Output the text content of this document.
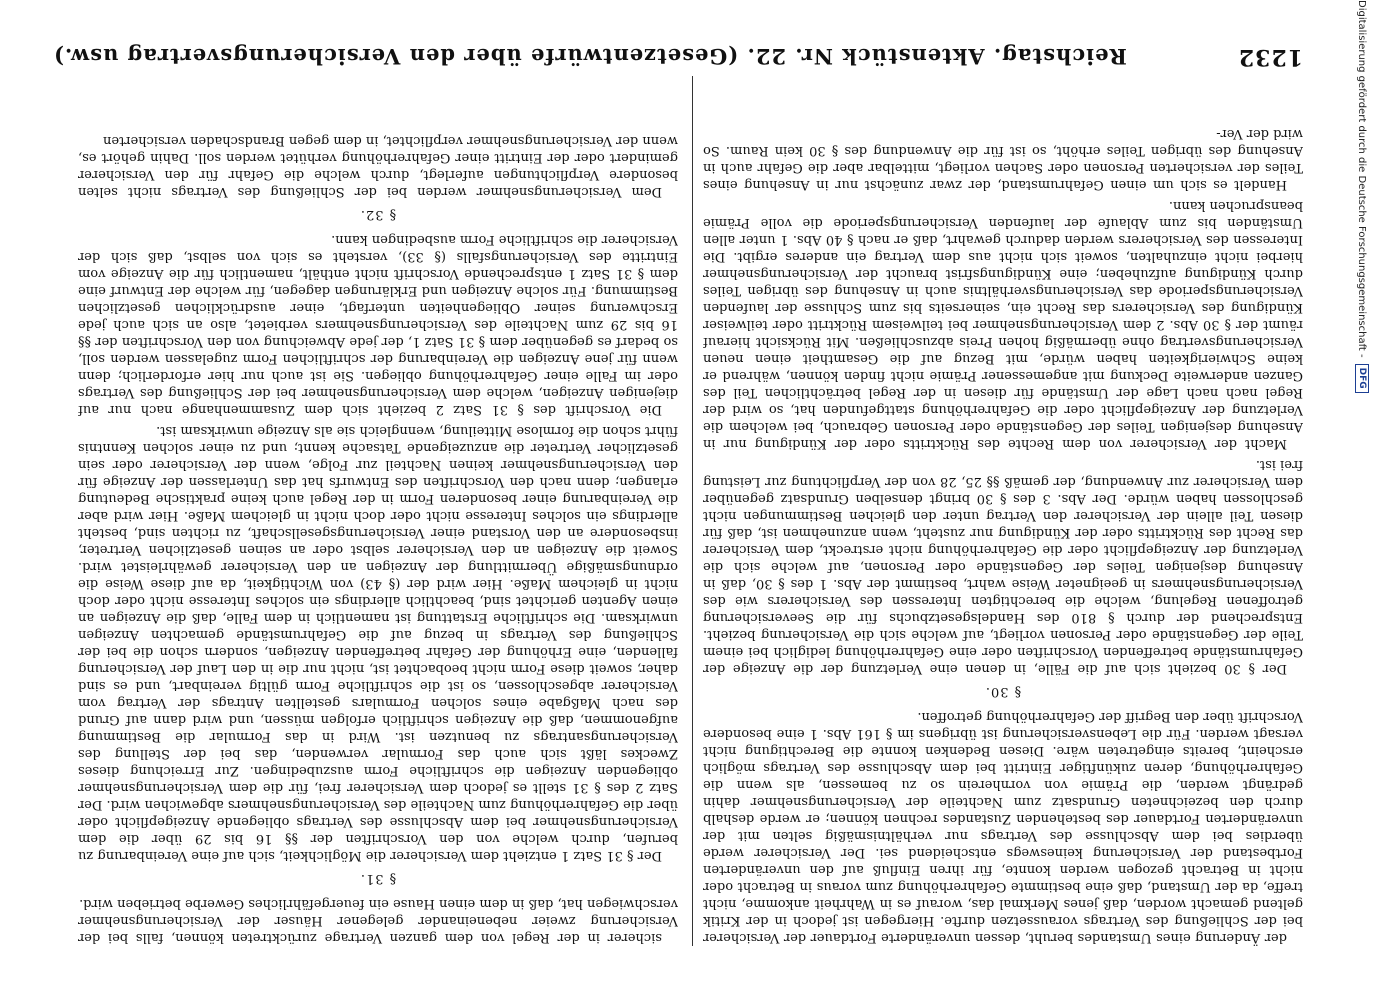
1232
Reichstag. Aktenstück Nr. 22. (Gesetzentwürfe über den Versicherungsvertrag usw.)

der Änderung eines Umstandes beruht, dessen unveränderte Fortdauer der Versicherer bei der Schließung des Vertrags voraussetzen durfte. Hiergegen ist jedoch in der Kritik geltend gemacht worden, daß jenes Merkmal das, worauf es in Wahrheit ankomme, nicht treffe, da der Umstand, daß eine bestimmte Gefahrerhöhung zum voraus in Betracht oder nicht in Betracht gezogen werden konnte, für ihren Einfluß auf den unveränderten Fortbestand der Versicherung keineswegs entscheidend sei. Der Versicherer werde überdies bei dem Abschlusse des Vertrags nur verhältnismäßig selten mit der unveränderten Fortdauer des bestehenden Zustandes rechnen können; er werde deshalb durch den bezeichneten Grundsatz zum Nachteile der Versicherungsnehmer dahin gedrängt werden, die Prämie von vornherein so zu bemessen, als wenn die Gefahrerhöhung, deren zukünftiger Eintritt bei dem Abschlusse des Vertrags möglich erscheint, bereits eingetreten wäre. Diesen Bedenken konnte die Berechtigung nicht versagt werden. Für die Lebensversicherung ist übrigens im § 161 Abs. 1 eine besondere Vorschrift über den Begriff der Gefahrerhöhung getroffen.

§ 30.

Der § 30 bezieht sich auf die Fälle, in denen eine Verletzung der die Anzeige der Gefahrumstände betreffenden Vorschriften oder eine Gefahrerhöhung lediglich bei einem Teile der Gegenstände oder Personen vorliegt, auf welche sich die Versicherung bezieht. Entsprechend der durch § 810 des Handelsgesetzbuchs für die Seeversicherung getroffenen Regelung, welche die berechtigten Interessen des Versicherers wie des Versicherungsnehmers in geeigneter Weise wahrt, bestimmt der Abs. 1 des § 30, daß in Ansehung desjenigen Teiles der Gegenstände oder Personen, auf welche sich die Verletzung der Anzeigepflicht oder die Gefahrerhöhung nicht erstreckt, dem Versicherer das Recht des Rücktritts oder der Kündigung nur zusteht, wenn anzunehmen ist, daß für diesen Teil allein der Versicherer den Vertrag unter den gleichen Bestimmungen nicht geschlossen haben würde. Der Abs. 3 des § 30 bringt denselben Grundsatz gegenüber dem Versicherer zur Anwendung, der gemäß §§ 25, 28 von der Verpflichtung zur Leistung frei ist.

Macht der Versicherer von dem Rechte des Rücktritts oder der Kündigung nur in Ansehung desjenigen Teiles der Gegenstände oder Personen Gebrauch, bei welchem die Verletzung der Anzeigepflicht oder die Gefahrerhöhung stattgefunden hat, so wird der Regel nach nach Lage der Umstände für diesen in der Regel beträchtlichen Teil des Ganzen anderweite Deckung mit angemessener Prämie nicht finden können, während er keine Schwierigkeiten haben würde, mit Bezug auf die Gesamtheit einen neuen Versicherungsvertrag ohne übermäßig hohen Preis abzuschließen. Mit Rücksicht hierauf räumt der § 30 Abs. 2 dem Versicherungsnehmer bei teilweisem Rücktritt oder teilweiser Kündigung des Versicherers das Recht ein, seinerseits bis zum Schlusse der laufenden Versicherungsperiode das Versicherungsverhältnis auch in Ansehung des übrigen Teiles durch Kündigung aufzuheben; eine Kündigungsfrist braucht der Versicherungsnehmer hierbei nicht einzuhalten, soweit sich nicht aus dem Vertrag ein anderes ergibt. Die Interessen des Versicherers werden dadurch gewahrt, daß er nach § 40 Abs. 1 unter allen Umständen bis zum Ablaufe der laufenden Versicherungsperiode die volle Prämie beanspruchen kann.

Handelt es sich um einen Gefahrumstand, der zwar zunächst nur in Ansehung eines Teiles der versicherten Personen oder Sachen vorliegt, mittelbar aber die Gefahr auch in Ansehung des übrigen Teiles erhöht, so ist für die Anwendung des § 30 kein Raum. So wird der Ver-

sicherer in der Regel von dem ganzen Vertrage zurücktreten können, falls bei der Versicherung zweier nebeneinander gelegener Häuser der Versicherungsnehmer verschwiegen hat, daß in dem einen Hause ein feuergefährliches Gewerbe betrieben wird.

§ 31.

Der § 31 Satz 1 entzieht dem Versicherer die Möglichkeit, sich auf eine Vereinbarung zu berufen, durch welche von den Vorschriften der §§ 16 bis 29 über die dem Versicherungsnehmer bei dem Abschlusse des Vertrags obliegende Anzeigepflicht oder über die Gefahrerhöhung zum Nachteile des Versicherungsnehmers abgewichen wird. Der Satz 2 des § 31 stellt es jedoch dem Versicherer frei, für die dem Versicherungsnehmer obliegenden Anzeigen die schriftliche Form auszubedingen. Zur Erreichung dieses Zweckes läßt sich auch das Formular verwenden, das bei der Stellung des Versicherungsantrags zu benutzen ist. Wird in das Formular die Bestimmung aufgenommen, daß die Anzeigen schriftlich erfolgen müssen, und wird dann auf Grund des nach Maßgabe eines solchen Formulars gestellten Antrags der Vertrag vom Versicherer abgeschlossen, so ist die schriftliche Form gültig vereinbart, und es sind daher, soweit diese Form nicht beobachtet ist, nicht nur die in den Lauf der Versicherung fallenden, eine Erhöhung der Gefahr betreffenden Anzeigen, sondern schon die bei der Schließung des Vertrags in bezug auf die Gefahrumstände gemachten Anzeigen unwirksam. Die schriftliche Erstattung ist namentlich in dem Falle, daß die Anzeigen an einen Agenten gerichtet sind, beachtlich allerdings ein solches Interesse nicht oder doch nicht in gleichem Maße. Hier wird der (§ 43) von Wichtigkeit, da auf diese Weise die ordnungsmäßige Übermittlung der Anzeigen an den Versicherer gewährleistet wird. Soweit die Anzeigen an den Versicherer selbst oder an seinen gesetzlichen Vertreter, insbesondere an den Vorstand einer Versicherungsgesellschaft, zu richten sind, besteht allerdings ein solches Interesse nicht oder doch nicht in gleichem Maße. Hier wird aber die Vereinbarung einer besonderen Form in der Regel auch keine praktische Bedeutung erlangen; denn nach den Vorschriften des Entwurfs hat das Unterlassen der Anzeige für den Versicherungsnehmer keinen Nachteil zur Folge, wenn der Versicherer oder sein gesetzlicher Vertreter die anzuzeigende Tatsache kennt; und zu einer solchen Kenntnis führt schon die formlose Mitteilung, wenngleich sie als Anzeige unwirksam ist.

Die Vorschrift des § 31 Satz 2 bezieht sich dem Zusammenhange nach nur auf diejenigen Anzeigen, welche dem Versicherungsnehmer bei der Schließung des Vertrags oder im Falle einer Gefahrerhöhung obliegen. Sie ist auch nur hier erforderlich; denn wenn für jene Anzeigen die Vereinbarung der schriftlichen Form zugelassen werden soll, so bedarf es gegenüber dem § 31 Satz 1, der jede Abweichung von den Vorschriften der §§ 16 bis 29 zum Nachteile des Versicherungsnehmers verbietet, also an sich auch jede Erschwerung seiner Obliegenheiten unterfagt, einer ausdrücklichen gesetzlichen Bestimmung. Für solche Anzeigen und Erklärungen dagegen, für welche der Entwurf eine dem § 31 Satz 1 entsprechende Vorschrift nicht enthält, namentlich für die Anzeige vom Eintritte des Versicherungsfalls (§ 33), versteht es sich von selbst, daß sich der Versicherer die schriftliche Form ausbedingen kann.

§ 32.

Dem Versicherungsnehmer werden bei der Schließung des Vertrags nicht selten besondere Verpflichtungen auferlegt, durch welche die Gefahr für den Versicherer gemindert oder der Eintritt einer Gefahrerhöhung verhütet werden soll. Dahin gehört es, wenn der Versicherungsnehmer verpflichtet, in dem gegen Brandschaden versicherten	Digitalisierung gefördert durch die Deutsche Forschungsgemeinschaft -
DFG
